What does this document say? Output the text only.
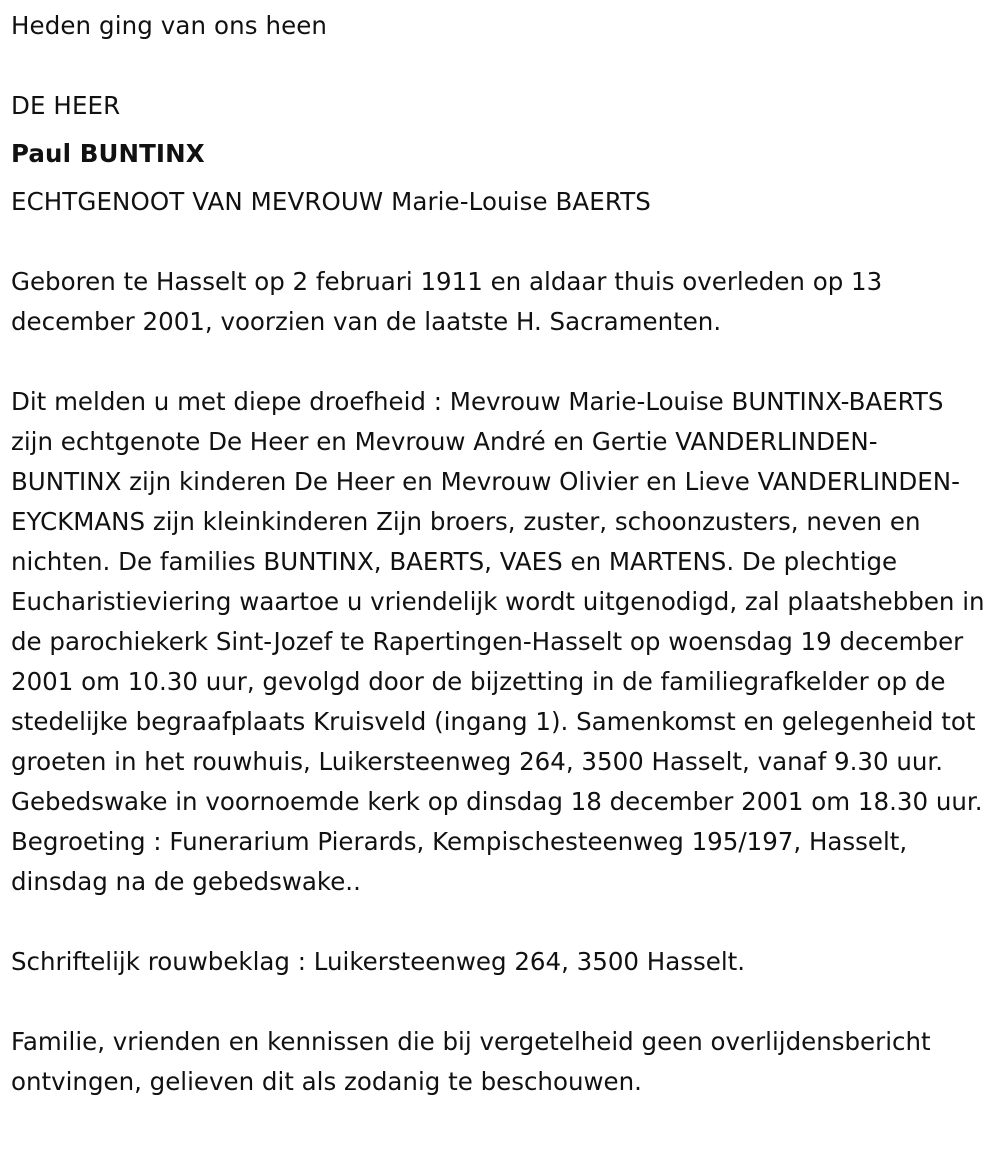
Heden ging van ons heen

DE HEER

Paul BUNTINX

ECHTGENOOT VAN MEVROUW Marie-Louise BAERTS

Geboren te Hasselt op 2 februari 1911 en aldaar thuis overleden op 13 december 2001, voorzien van de laatste H. Sacramenten.

Dit melden u met diepe droefheid : Mevrouw Marie-Louise BUNTINX-BAERTS zijn echtgenote De Heer en Mevrouw André en Gertie VANDERLINDEN-BUNTINX zijn kinderen De Heer en Mevrouw Olivier en Lieve VANDERLINDEN-EYCKMANS zijn kleinkinderen Zijn broers, zuster, schoonzusters, neven en nichten. De families BUNTINX, BAERTS, VAES en MARTENS. De plechtige Eucharistieviering waartoe u vriendelijk wordt uitgenodigd, zal plaatshebben in de parochiekerk Sint-Jozef te Rapertingen-Hasselt op woensdag 19 december 2001 om 10.30 uur, gevolgd door de bijzetting in de familiegrafkelder op de stedelijke begraafplaats Kruisveld (ingang 1). Samenkomst en gelegenheid tot groeten in het rouwhuis, Luikersteenweg 264, 3500 Hasselt, vanaf 9.30 uur. Gebedswake in voornoemde kerk op dinsdag 18 december 2001 om 18.30 uur. Begroeting : Funerarium Pierards, Kempischesteenweg 195/197, Hasselt, dinsdag na de gebedswake..

Schriftelijk rouwbeklag : Luikersteenweg 264, 3500 Hasselt.

Familie, vrienden en kennissen die bij vergetelheid geen overlijdensbericht ontvingen, gelieven dit als zodanig te beschouwen.
